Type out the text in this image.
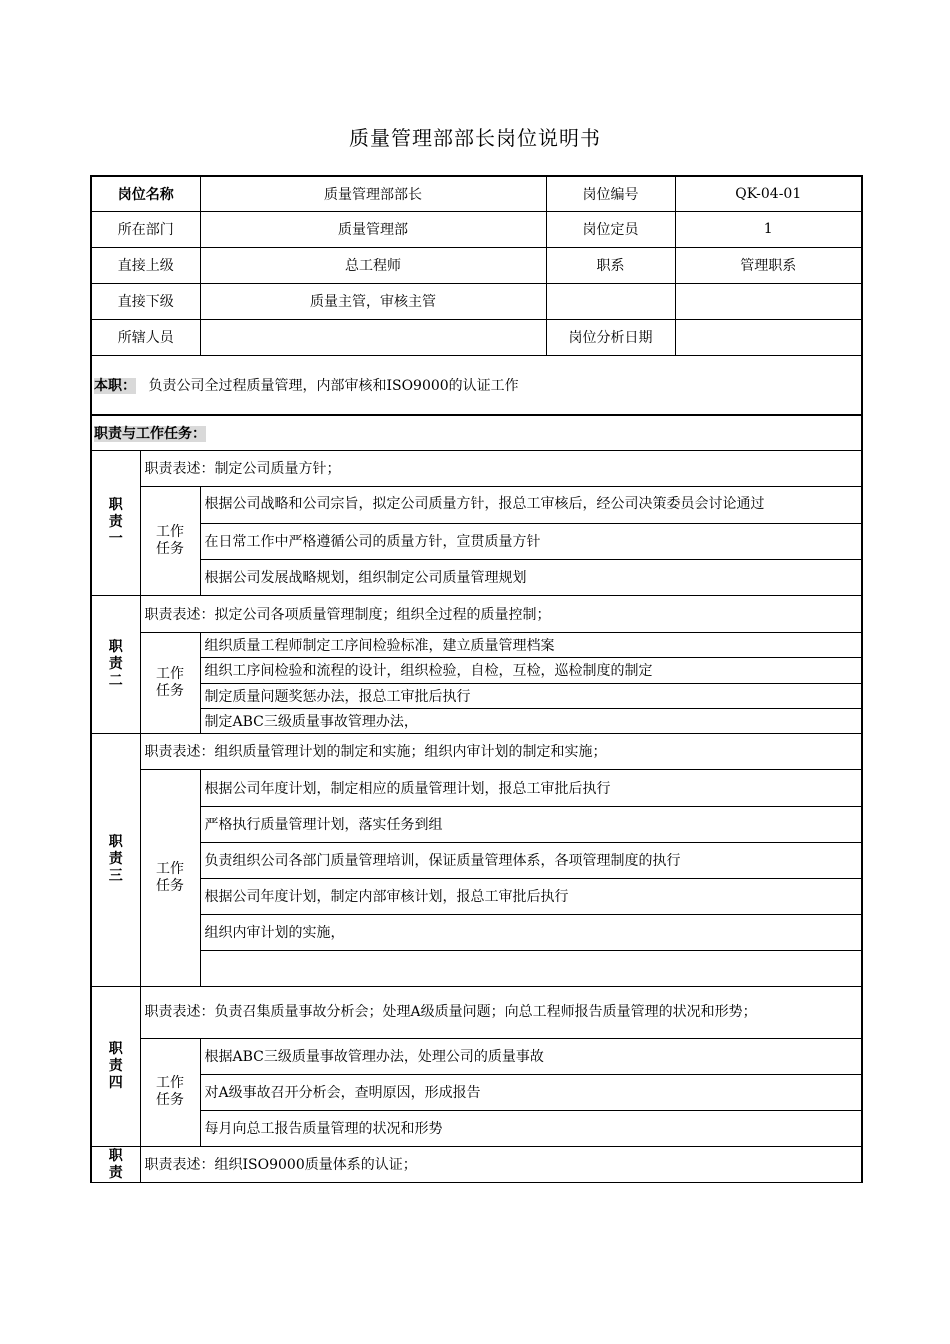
质量管理部部长岗位说明书
岗位名称		质量管理部部长	岗位编号	QK-04-01
所在部门		质量管理部	岗位定员	1
直接上级		总工程师	职系	管理职系
直接下级		质量主管，审核主管		
所辖人员			岗位分析日期	
本职： 负责公司全过程质量管理，内部审核和ISO9000的认证工作				
职责与工作任务：				

职
责
一	职责表述：制定公司质量方针；			

	工作
任务	根据公司战略和公司宗旨，拟定公司质量方针，报总工审核后，经公司决策委员会讨论通过		
		在日常工作中严格遵循公司的质量方针，宣贯质量方针		
		根据公司发展战略规划，组织制定公司质量管理规划		

职
责
二	职责表述：拟定公司各项质量管理制度；组织全过程的质量控制；			

	工作
任务	组织质量工程师制定工序间检验标准，建立质量管理档案		
		组织工序间检验和流程的设计，组织检验，自检，互检，巡检制度的制定		
		制定质量问题奖惩办法，报总工审批后执行		
		制定ABC三级质量事故管理办法，		

职
责
三	职责表述：组织质量管理计划的制定和实施；组织内审计划的制定和实施；			

	工作
任务	根据公司年度计划，制定相应的质量管理计划，报总工审批后执行		
		严格执行质量管理计划，落实任务到组		
		负责组织公司各部门质量管理培训，保证质量管理体系，各项管理制度的执行		
		根据公司年度计划，制定内部审核计划，报总工审批后执行		
		组织内审计划的实施，		

职
责
四	职责表述：负责召集质量事故分析会；处理A级质量问题；向总工程师报告质量管理的状况和形势；			

	工作
任务	根据ABC三级质量事故管理办法，处理公司的质量事故		
		对A级事故召开分析会，查明原因，形成报告		
		每月向总工报告质量管理的状况和形势		

职
责	职责表述：组织ISO9000质量体系的认证；			
